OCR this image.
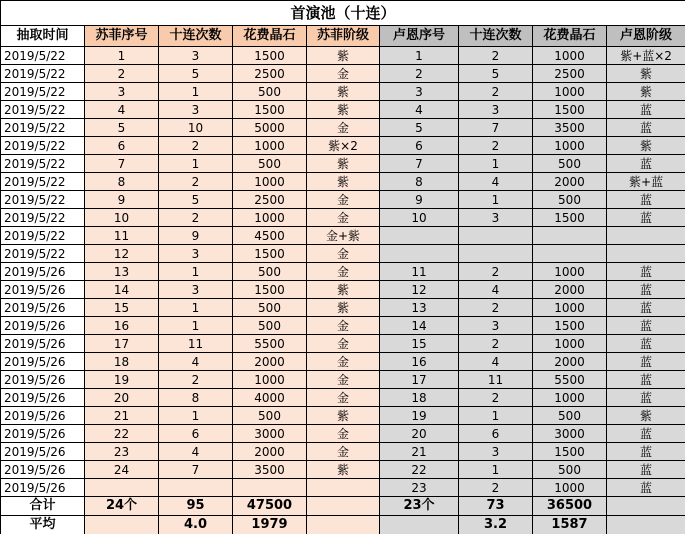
首演池（十连）								
抽取时间	苏菲序号	十连次数	花费晶石	苏菲阶级	卢恩序号	十连次数	花费晶石	卢恩阶级
2019/5/22	1	3	1500	紫	1	2	1000	紫+蓝×2
2019/5/22	2	5	2500	金	2	5	2500	紫
2019/5/22	3	1	500	紫	3	2	1000	紫
2019/5/22	4	3	1500	紫	4	3	1500	蓝
2019/5/22	5	10	5000	金	5	7	3500	蓝
2019/5/22	6	2	1000	紫×2	6	2	1000	紫
2019/5/22	7	1	500	紫	7	1	500	蓝
2019/5/22	8	2	1000	紫	8	4	2000	紫+蓝
2019/5/22	9	5	2500	金	9	1	500	蓝
2019/5/22	10	2	1000	金	10	3	1500	蓝
2019/5/22	11	9	4500	金+紫				
2019/5/22	12	3	1500	金				
2019/5/26	13	1	500	金	11	2	1000	蓝
2019/5/26	14	3	1500	紫	12	4	2000	蓝
2019/5/26	15	1	500	紫	13	2	1000	蓝
2019/5/26	16	1	500	金	14	3	1500	蓝
2019/5/26	17	11	5500	金	15	2	1000	蓝
2019/5/26	18	4	2000	金	16	4	2000	蓝
2019/5/26	19	2	1000	金	17	11	5500	蓝
2019/5/26	20	8	4000	金	18	2	1000	蓝
2019/5/26	21	1	500	紫	19	1	500	紫
2019/5/26	22	6	3000	金	20	6	3000	蓝
2019/5/26	23	4	2000	金	21	3	1500	蓝
2019/5/26	24	7	3500	紫	22	1	500	蓝
2019/5/26					23	2	1000	蓝
合计	24个	95	47500		23个	73	36500	
平均		4.0	1979			3.2	1587	
